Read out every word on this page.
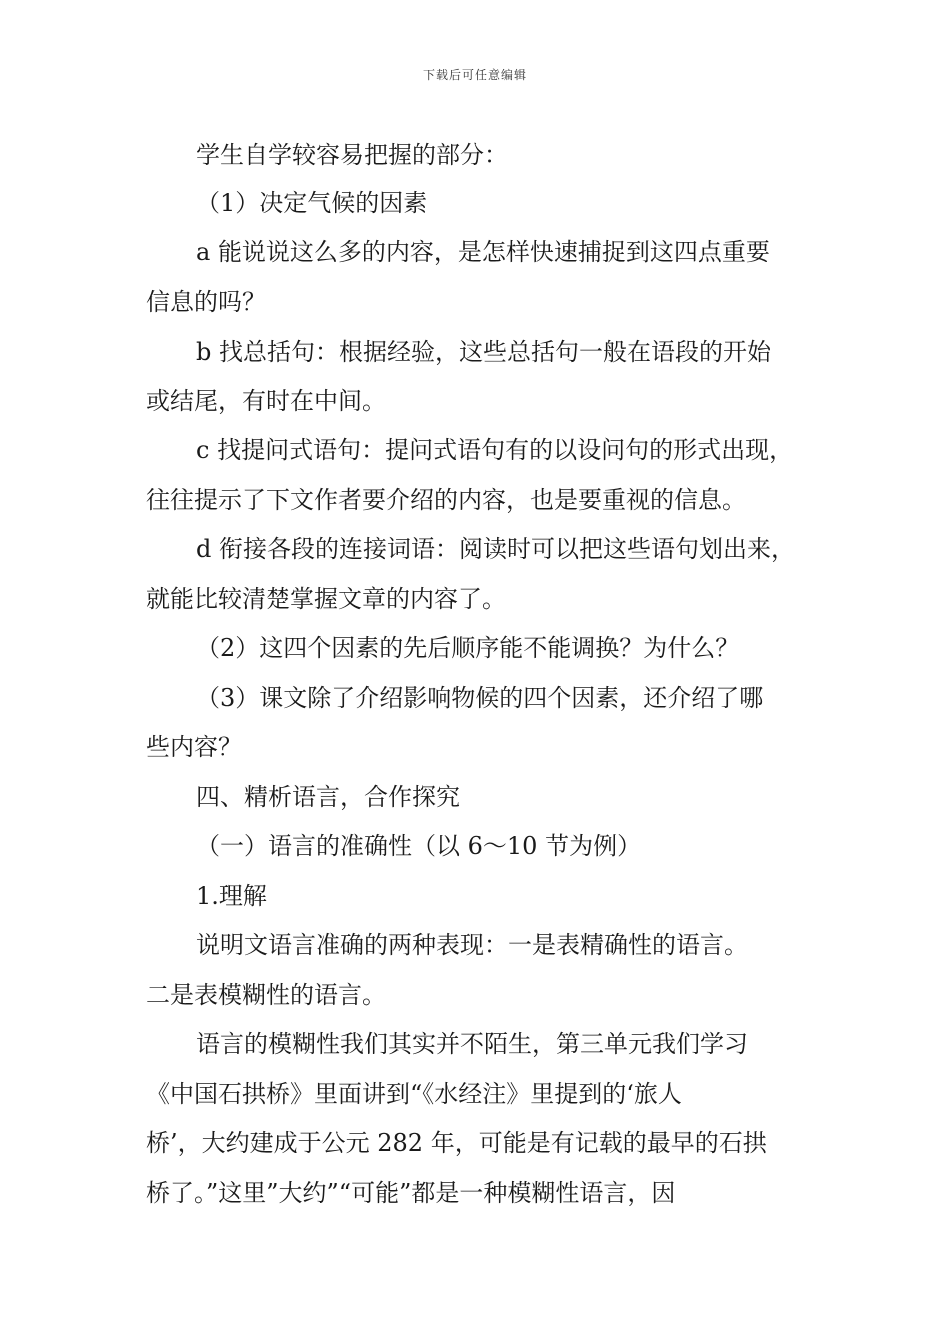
下载后可任意编辑
学生自学较容易把握的部分：
（1）决定气候的因素
a 能说说这么多的内容，是怎样快速捕捉到这四点重要
信息的吗？
b 找总括句：根据经验，这些总括句一般在语段的开始
或结尾，有时在中间。
c 找提问式语句：提问式语句有的以设问句的形式出现，
往往提示了下文作者要介绍的内容，也是要重视的信息。
d 衔接各段的连接词语：阅读时可以把这些语句划出来，
就能比较清楚掌握文章的内容了。
（2）这四个因素的先后顺序能不能调换？为什么？
（3）课文除了介绍影响物候的四个因素，还介绍了哪
些内容？
四、精析语言，合作探究
（一）语言的准确性（以 6～10 节为例）
1.理解
说明文语言准确的两种表现：一是表精确性的语言。
二是表模糊性的语言。
语言的模糊性我们其实并不陌生，第三单元我们学习
《中国石拱桥》里面讲到“《水经注》里提到的‘旅人
桥’，大约建成于公元 282 年，可能是有记载的最早的石拱
桥了。”这里”大约”“可能”都是一种模糊性语言，因
